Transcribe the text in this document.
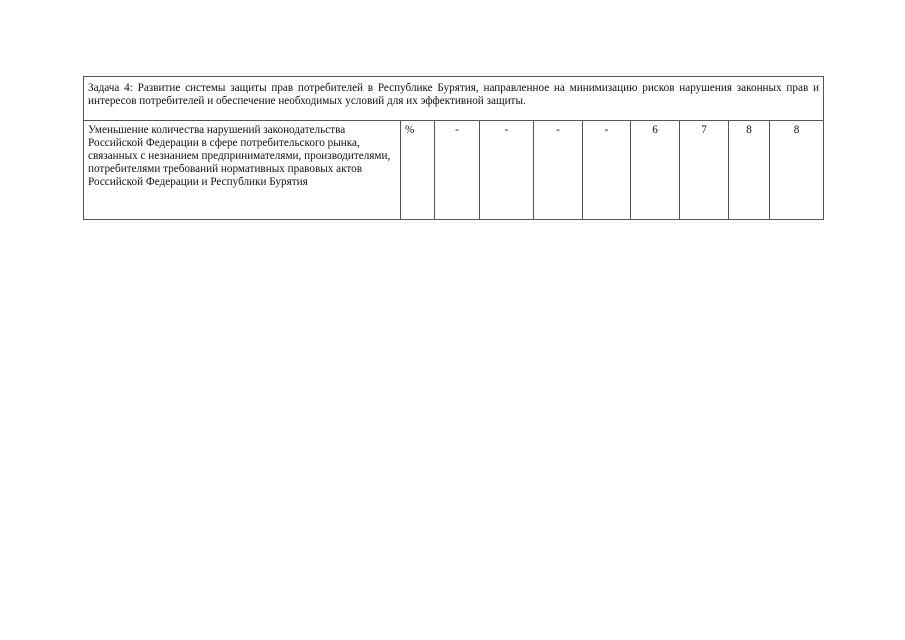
Задача 4: Развитие системы защиты прав потребителей в Республике Бурятия, направленное на минимизацию рисков нарушения законных прав и интересов потребителей и обеспечение необходимых условий для их эффективной защиты.
Уменьшение количества нарушений законодательства Российской Федерации в сфере потребительского рынка, связанных с незнанием предпринимателями, производителями, потребителями требований нормативных правовых актов Российской Федерации и Республики Бурятия	%	-	-	-	-	6	7	8	8
